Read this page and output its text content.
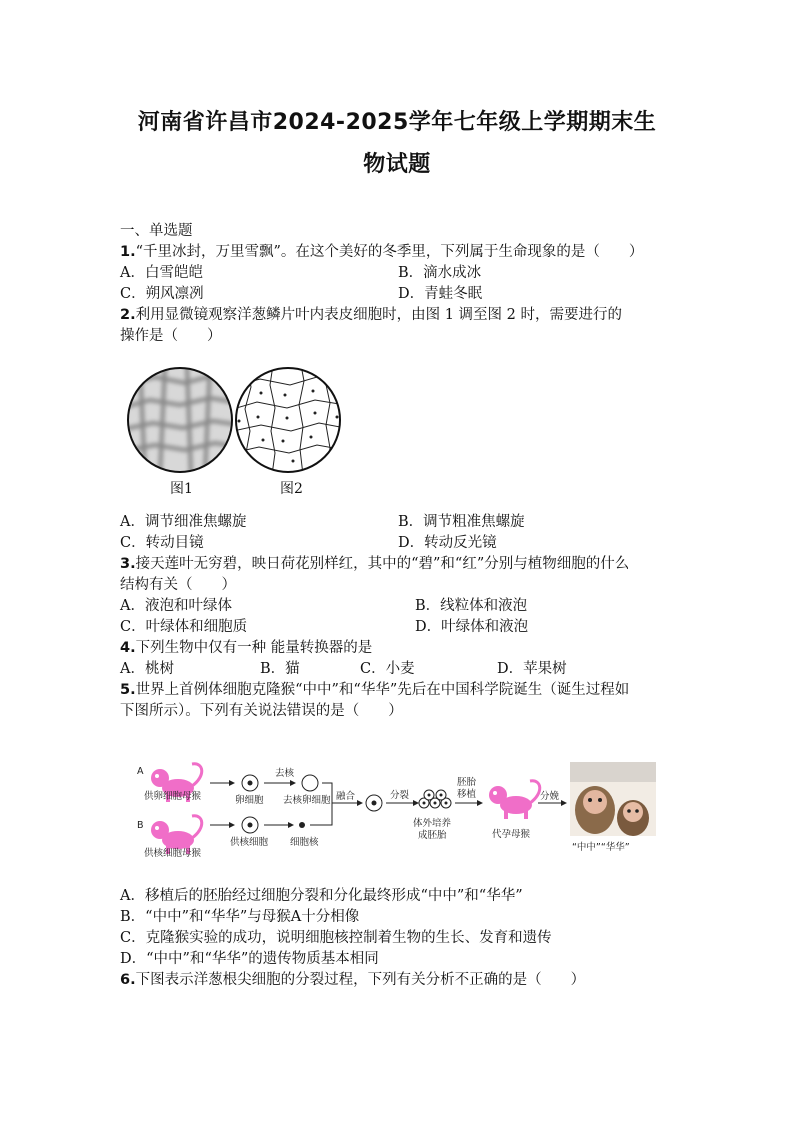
河南省许昌市2024-2025学年七年级上学期期末生
物试题
一、单选题
1.“千里冰封，万里雪飘”。在这个美好的冬季里，下列属于生命现象的是（　　）
A．白雪皑皑	B．滴水成冰
C．朔风凛冽	D．青蛙冬眠
2.利用显微镜观察洋葱鳞片叶内表皮细胞时，由图 1 调至图 2 时，需要进行的
操作是（　　）
图1	图2
A．调节细准焦螺旋	B．调节粗准焦螺旋
C．转动目镜	D．转动反光镜
3.接天莲叶无穷碧，映日荷花别样红，其中的“碧”和“红”分别与植物细胞的什么
结构有关（　　）
A．液泡和叶绿体	B．线粒体和液泡
C．叶绿体和细胞质	D．叶绿体和液泡
4.下列生物中仅有一种 能量转换器的是
A．桃树	B．猫	C．小麦	D．苹果树
5.世界上首例体细胞克隆猴“中中”和“华华”先后在中国科学院诞生（诞生过程如
下图所示）。下列有关说法错误的是（　　）
A
供卵细胞母猴	卵细胞
去核
去核卵细胞
B
供核细胞母猴
供核细胞 细胞核
融合	分裂
体外培养
成胚胎
胚胎
移植
代孕母猴
分娩
“中中”“华华”
A．移植后的胚胎经过细胞分裂和分化最终形成“中中”和“华华”
B．“中中”和“华华”与母猴A十分相像
C．克隆猴实验的成功，说明细胞核控制着生物的生长、发育和遗传
D．“中中”和“华华”的遗传物质基本相同
6.下图表示洋葱根尖细胞的分裂过程，下列有关分析不正确的是（　　）
